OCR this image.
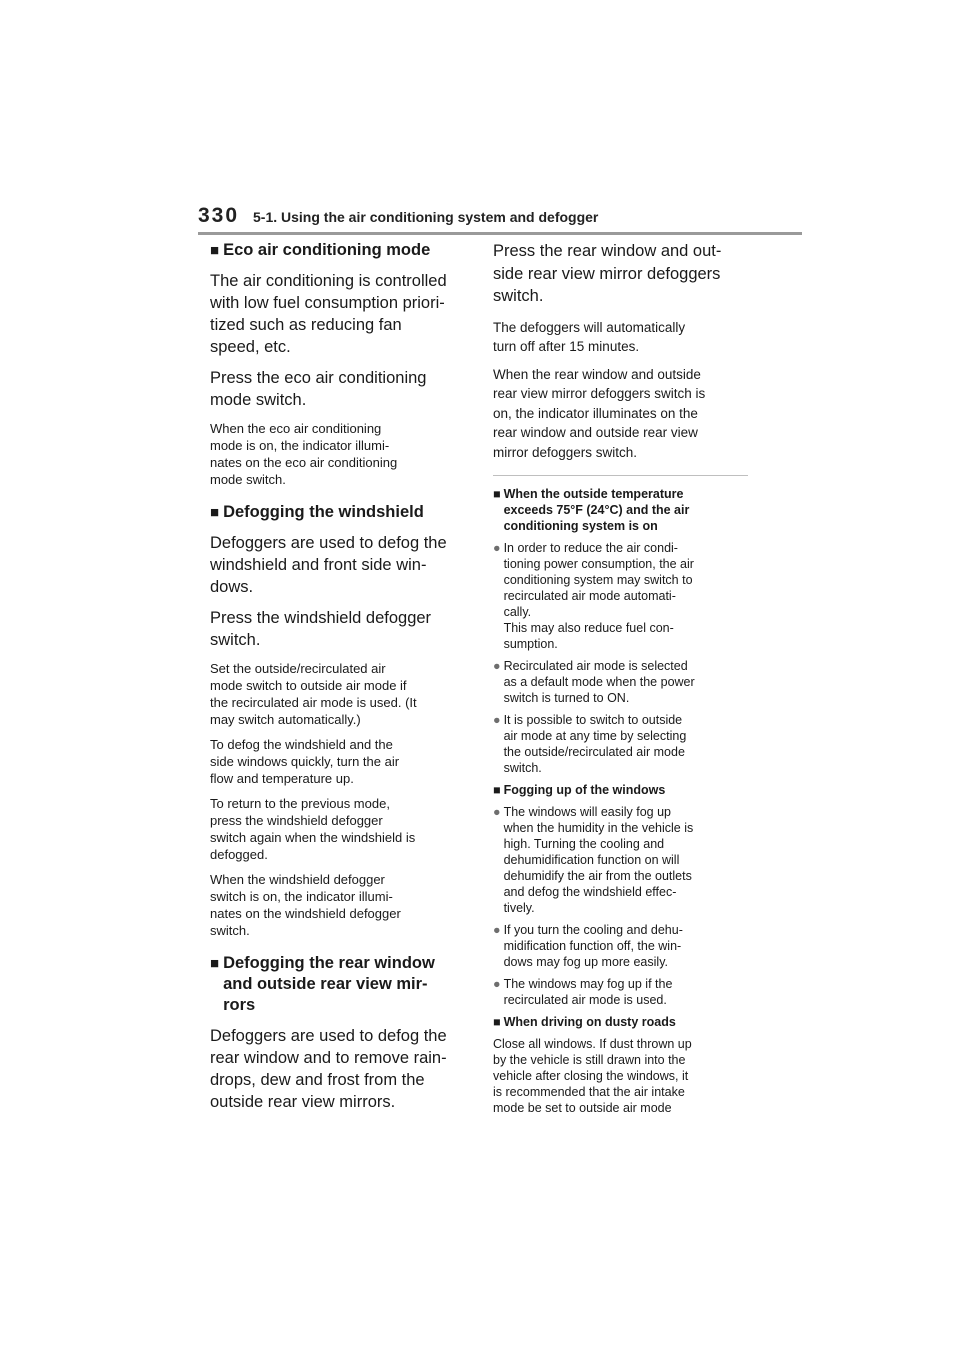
330 5-1. Using the air conditioning system and defogger
■ Eco air conditioning mode

The air conditioning is controlled
with low fuel consumption priori-
tized such as reducing fan
speed, etc.

Press the eco air conditioning
mode switch.

When the eco air conditioning
mode is on, the indicator illumi-
nates on the eco air conditioning
mode switch.

■ Defogging the windshield

Defoggers are used to defog the
windshield and front side win-
dows.

Press the windshield defogger
switch.

Set the outside/recirculated air
mode switch to outside air mode if
the recirculated air mode is used. (It
may switch automatically.)

To defog the windshield and the
side windows quickly, turn the air
flow and temperature up.

To return to the previous mode,
press the windshield defogger
switch again when the windshield is
defogged.

When the windshield defogger
switch is on, the indicator illumi-
nates on the windshield defogger
switch.

■ Defogging the rear window
and outside rear view mir-
rors

Defoggers are used to defog the
rear window and to remove rain-
drops, dew and frost from the
outside rear view mirrors.

Press the rear window and out-
side rear view mirror defoggers
switch.

The defoggers will automatically
turn off after 15 minutes.

When the rear window and outside
rear view mirror defoggers switch is
on, the indicator illuminates on the
rear window and outside rear view
mirror defoggers switch.

■ When the outside temperature
exceeds 75°F (24°C) and the air
conditioning system is on
● In order to reduce the air condi-
tioning power consumption, the air
conditioning system may switch to
recirculated air mode automati-
cally.
This may also reduce fuel con-
sumption.
● Recirculated air mode is selected
as a default mode when the power
switch is turned to ON.
● It is possible to switch to outside
air mode at any time by selecting
the outside/recirculated air mode
switch.
■ Fogging up of the windows
● The windows will easily fog up
when the humidity in the vehicle is
high. Turning the cooling and
dehumidification function on will
dehumidify the air from the outlets
and defog the windshield effec-
tively.
● If you turn the cooling and dehu-
midification function off, the win-
dows may fog up more easily.
● The windows may fog up if the
recirculated air mode is used.
■ When driving on dusty roads

Close all windows. If dust thrown up
by the vehicle is still drawn into the
vehicle after closing the windows, it
is recommended that the air intake
mode be set to outside air mode
